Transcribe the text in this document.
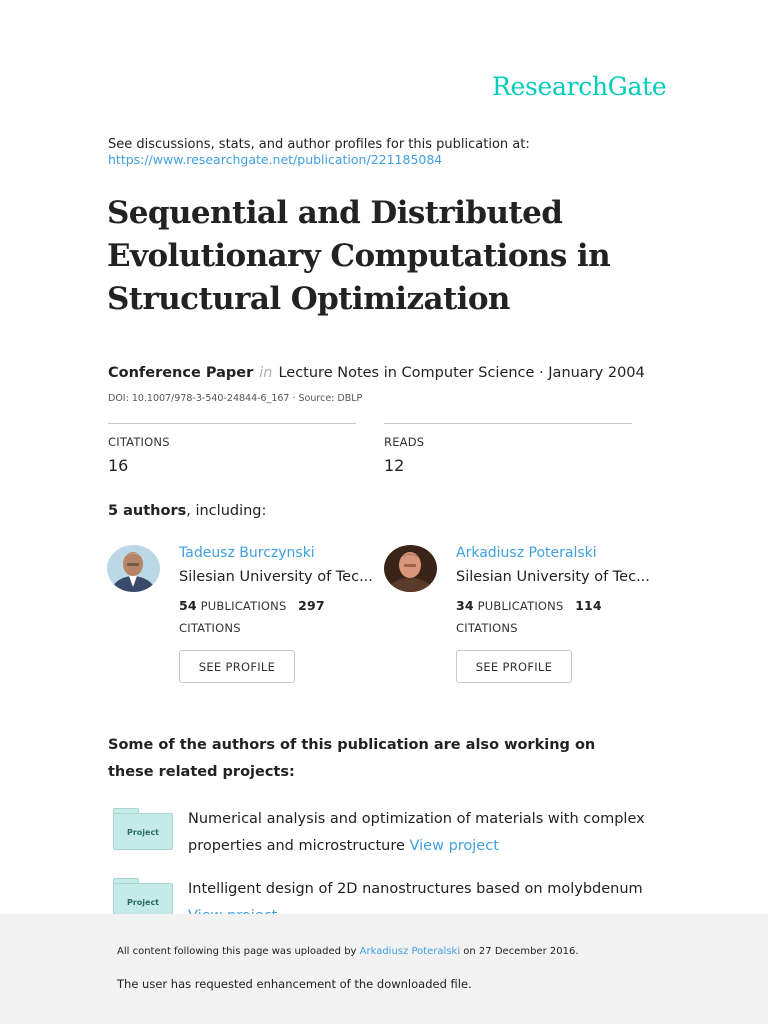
ResearchGate
See discussions, stats, and author profiles for this publication at:
https://www.researchgate.net/publication/221185084
Sequential and Distributed
Evolutionary Computations in
Structural Optimization
Conference Paper in Lecture Notes in Computer Science · January 2004
DOI: 10.1007/978-3-540-24844-6_167 · Source: DBLP
CITATIONS
16
READS
12
5 authors, including:
Tadeusz Burczynski
Silesian University of Tec...
54 PUBLICATIONS 297
CITATIONS
SEE PROFILE
Arkadiusz Poteralski
Silesian University of Tec...
34 PUBLICATIONS 114
CITATIONS
SEE PROFILE
Some of the authors of this publication are also working on these related projects:
Project
Numerical analysis and optimization of materials with complex properties and microstructure View project
Project
Intelligent design of 2D nanostructures based on molybdenum
All content following this page was uploaded by Arkadiusz Poteralski on 27 December 2016.
The user has requested enhancement of the downloaded file.
